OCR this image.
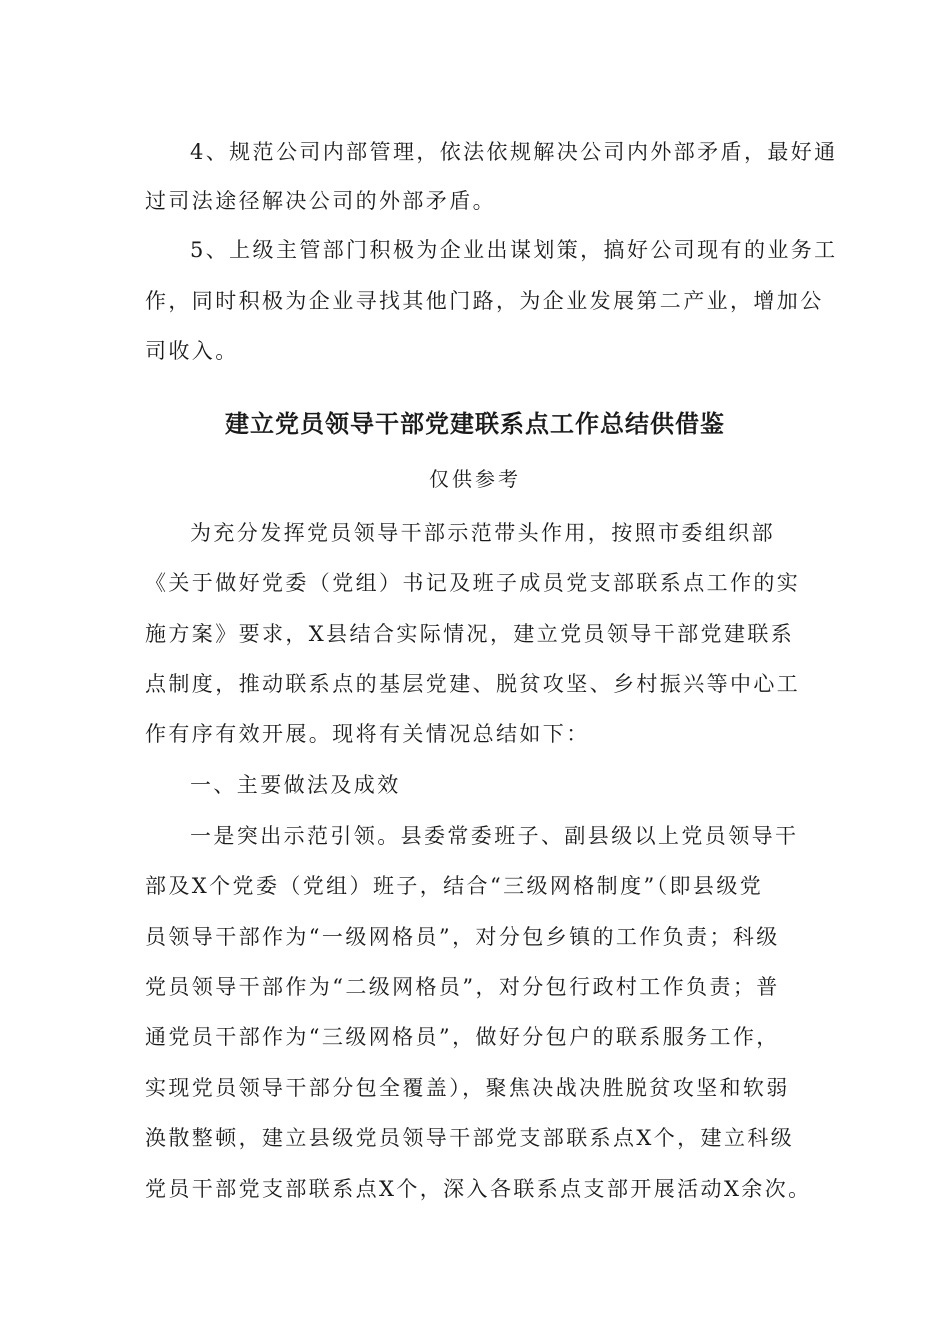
4、规范公司内部管理，依法依规解决公司内外部矛盾，最好通
过司法途径解决公司的外部矛盾。
5、上级主管部门积极为企业出谋划策，搞好公司现有的业务工
作，同时积极为企业寻找其他门路，为企业发展第二产业，增加公
司收入。
建立党员领导干部党建联系点工作总结供借鉴
仅供参考
为充分发挥党员领导干部示范带头作用，按照市委组织部
《关于做好党委（党组）书记及班子成员党支部联系点工作的实
施方案》要求，X县结合实际情况，建立党员领导干部党建联系
点制度，推动联系点的基层党建、脱贫攻坚、乡村振兴等中心工
作有序有效开展。现将有关情况总结如下：
一、主要做法及成效
一是突出示范引领。县委常委班子、副县级以上党员领导干
部及X个党委（党组）班子，结合“三级网格制度”（即县级党
员领导干部作为“一级网格员”，对分包乡镇的工作负责；科级
党员领导干部作为“二级网格员”，对分包行政村工作负责；普
通党员干部作为“三级网格员”，做好分包户的联系服务工作，
实现党员领导干部分包全覆盖），聚焦决战决胜脱贫攻坚和软弱
涣散整顿，建立县级党员领导干部党支部联系点X个，建立科级
党员干部党支部联系点X个，深入各联系点支部开展活动X余次。
